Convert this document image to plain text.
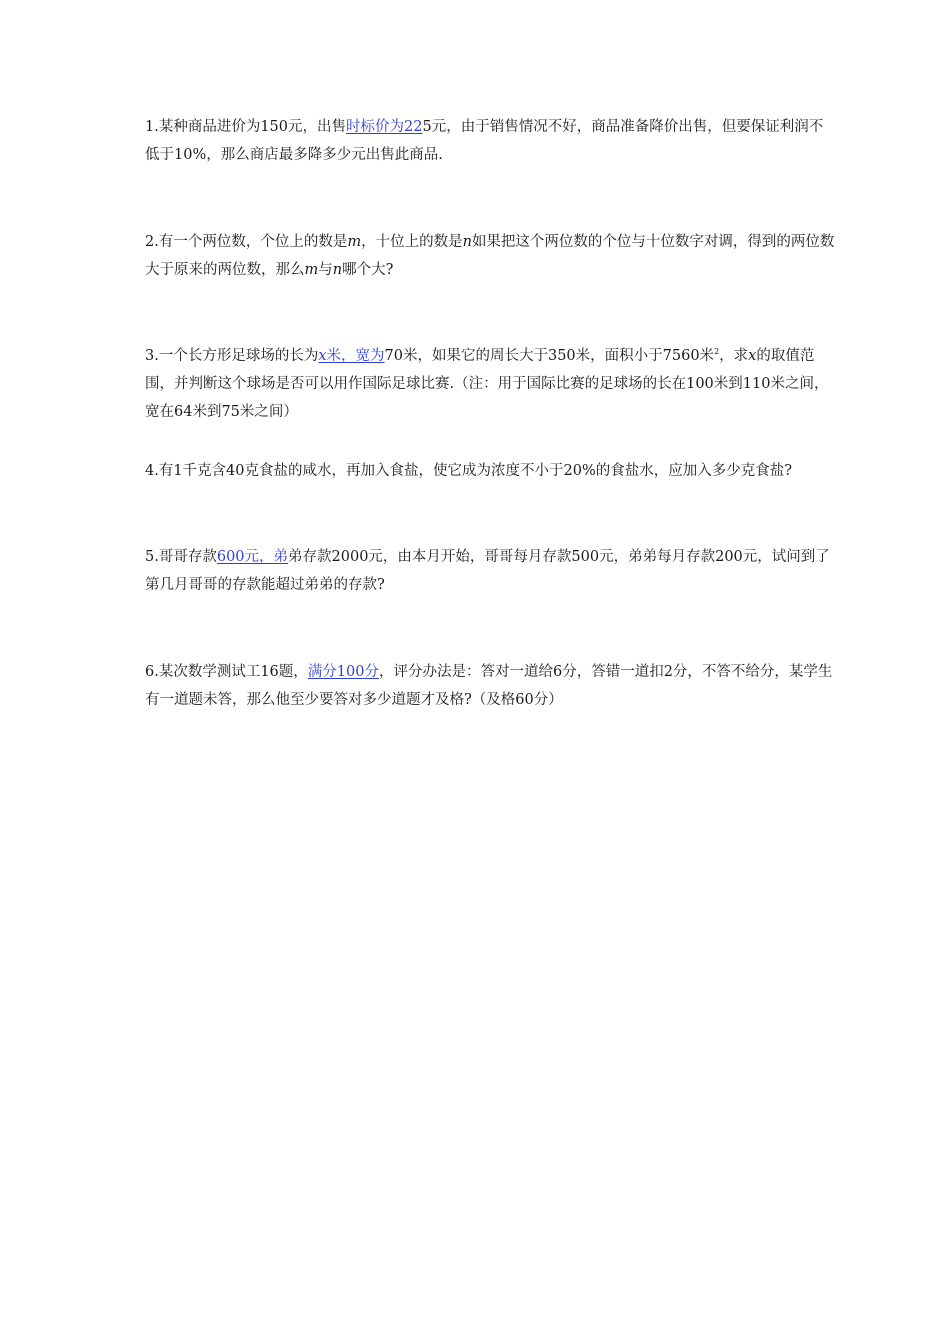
1.某种商品进价为150元，出售时标价为225元，由于销售情况不好，商品准备降价出售，但要保证利润不低于10%，那么商店最多降多少元出售此商品.

2.有一个两位数，个位上的数是m，十位上的数是n如果把这个两位数的个位与十位数字对调，得到的两位数大于原来的两位数，那么m与n哪个大?

3.一个长方形足球场的长为x米，宽为70米，如果它的周长大于350米，面积小于7560米$^2$，求x的取值范围，并判断这个球场是否可以用作国际足球比赛.（注：用于国际比赛的足球场的长在100米到110米之间，宽在64米到75米之间）

4.有1千克含40克食盐的咸水，再加入食盐，使它成为浓度不小于20%的食盐水，应加入多少克食盐?

5.哥哥存款600元，弟弟存款2000元，由本月开始，哥哥每月存款500元，弟弟每月存款200元，试问到了第几月哥哥的存款能超过弟弟的存款?

6.某次数学测试工16题，满分100分，评分办法是：答对一道给6分，答错一道扣2分，不答不给分，某学生有一道题未答，那么他至少要答对多少道题才及格?（及格60分）
